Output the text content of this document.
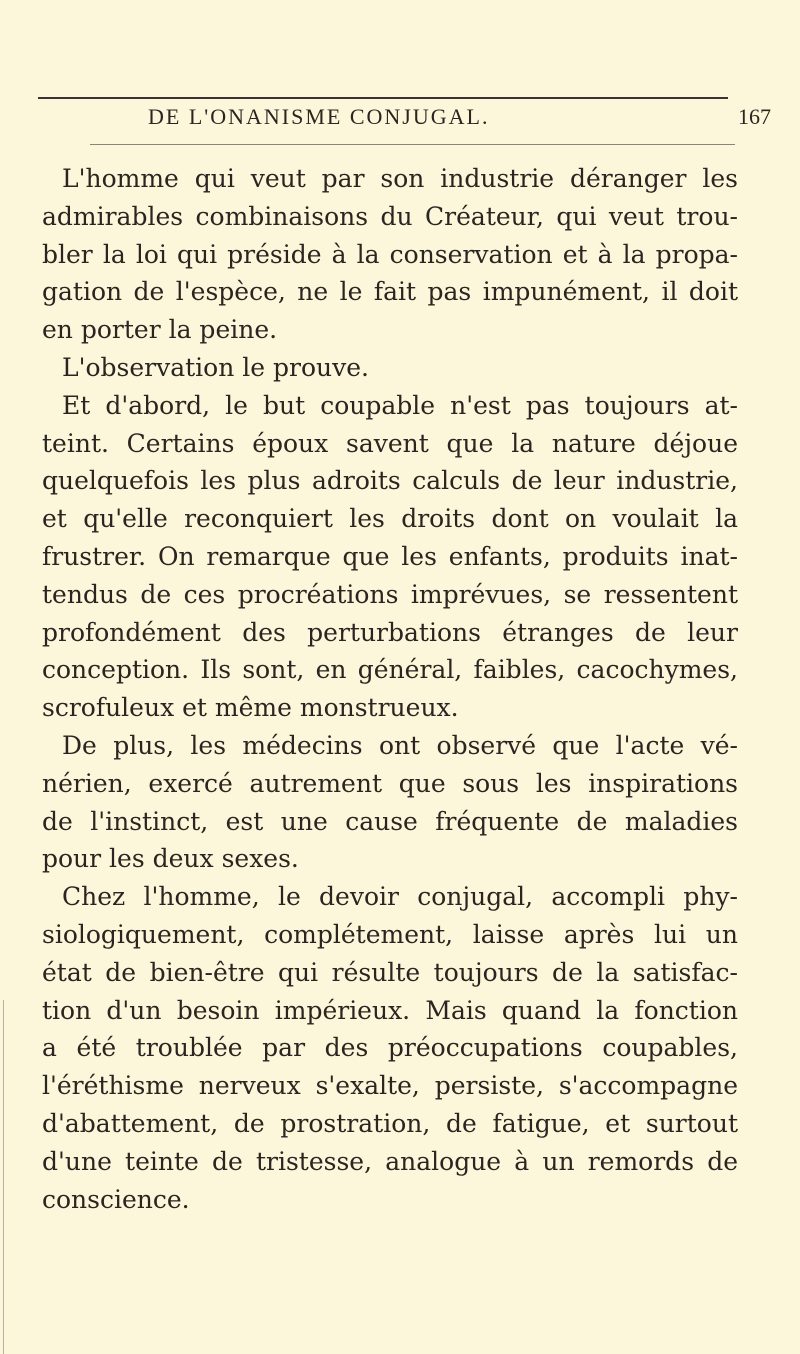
DE L'ONANISME CONJUGAL.	167
L'homme qui veut par son industrie déranger les
admirables combinaisons du Créateur, qui veut trou-
bler la loi qui préside à la conservation et à la propa-
gation de l'espèce, ne le fait pas impunément, il doit
en porter la peine.
L'observation le prouve.
Et d'abord, le but coupable n'est pas toujours at-
teint. Certains époux savent que la nature déjoue
quelquefois les plus adroits calculs de leur industrie,
et qu'elle reconquiert les droits dont on voulait la
frustrer. On remarque que les enfants, produits inat-
tendus de ces procréations imprévues, se ressentent
profondément des perturbations étranges de leur
conception. Ils sont, en général, faibles, cacochymes,
scrofuleux et même monstrueux.
De plus, les médecins ont observé que l'acte vé-
nérien, exercé autrement que sous les inspirations
de l'instinct, est une cause fréquente de maladies
pour les deux sexes.
Chez l'homme, le devoir conjugal, accompli phy-
siologiquement, complétement, laisse après lui un
état de bien-être qui résulte toujours de la satisfac-
tion d'un besoin impérieux. Mais quand la fonction
a été troublée par des préoccupations coupables,
l'éréthisme nerveux s'exalte, persiste, s'accompagne
d'abattement, de prostration, de fatigue, et surtout
d'une teinte de tristesse, analogue à un remords de
conscience.
